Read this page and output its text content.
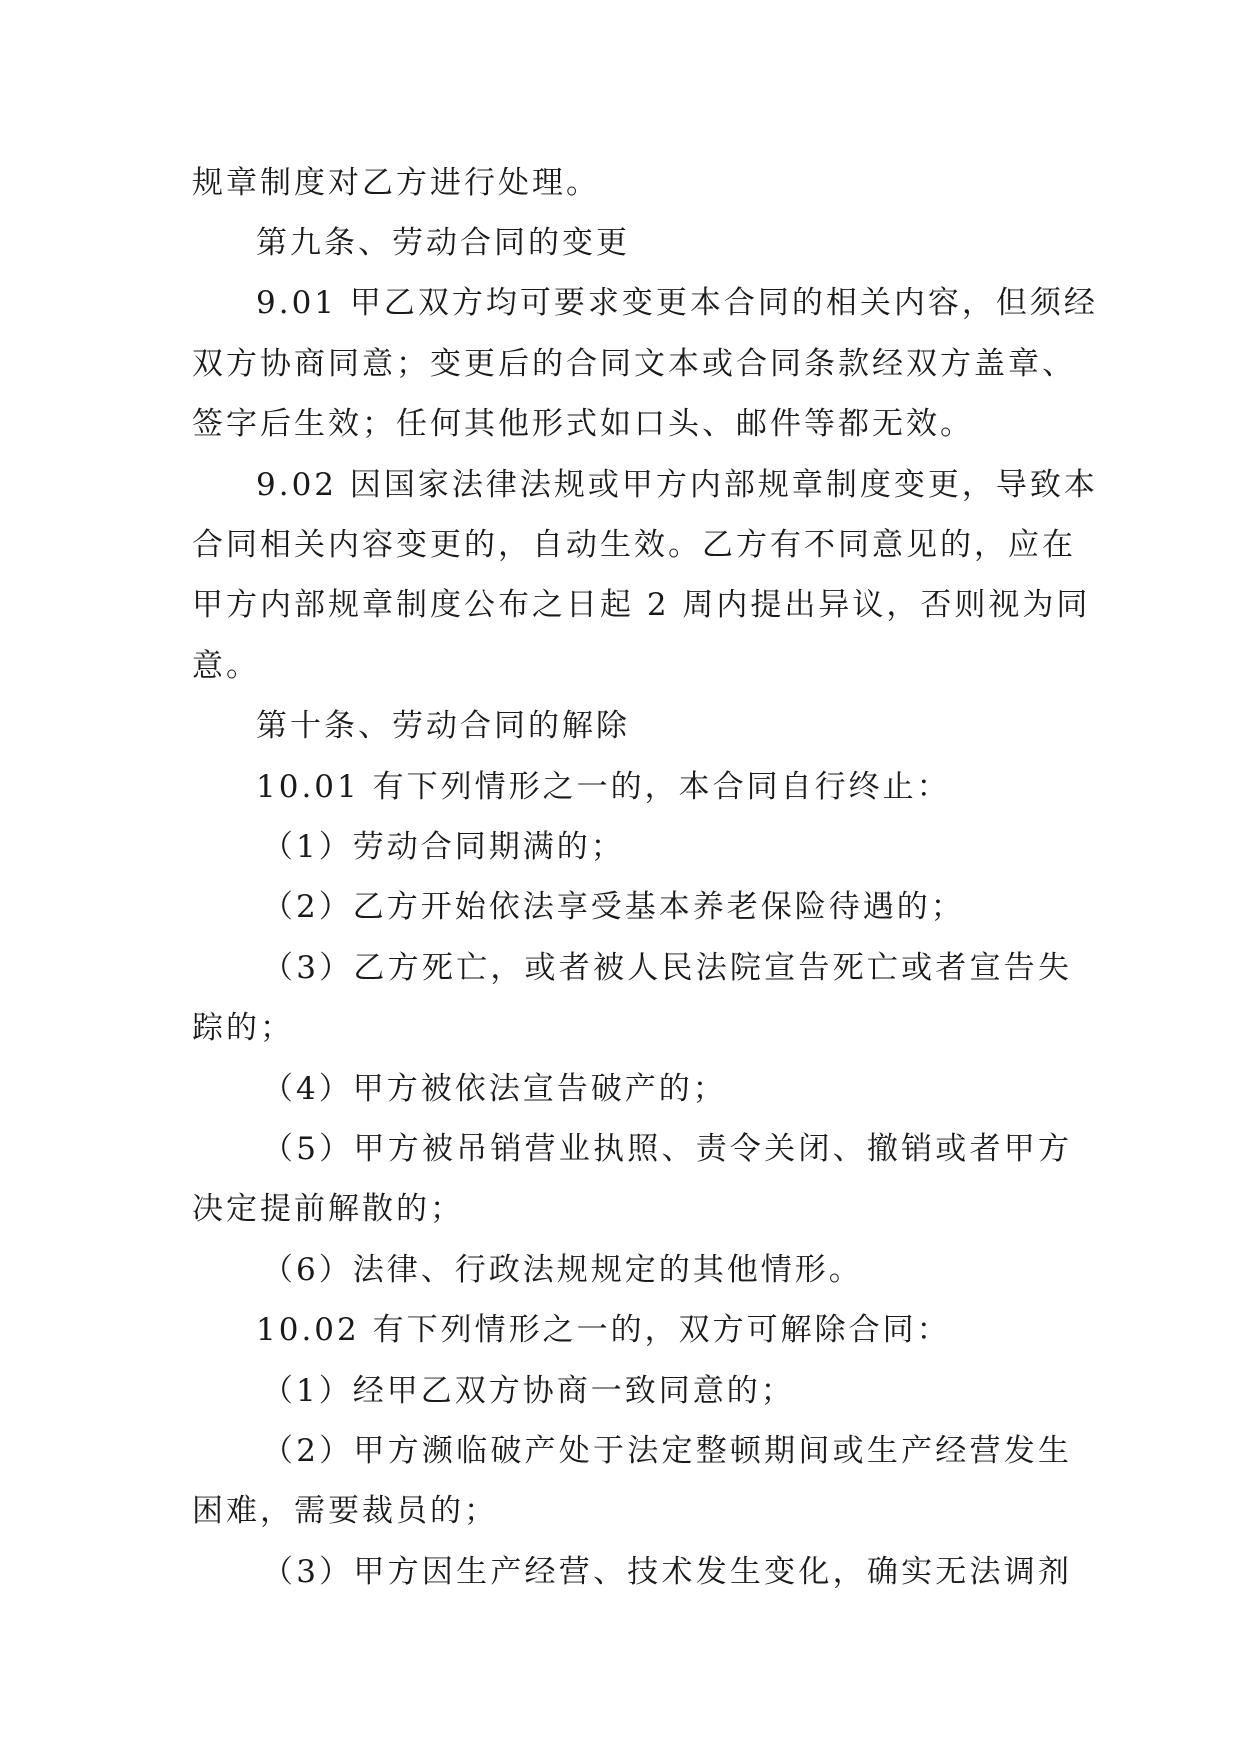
规章制度对乙方进行处理。

第九条、劳动合同的变更

9.01 甲乙双方均可要求变更本合同的相关内容，但须经

双方协商同意；变更后的合同文本或合同条款经双方盖章、

签字后生效；任何其他形式如口头、邮件等都无效。

9.02 因国家法律法规或甲方内部规章制度变更，导致本

合同相关内容变更的，自动生效。乙方有不同意见的，应在

甲方内部规章制度公布之日起 2 周内提出异议，否则视为同

意。

第十条、劳动合同的解除

10.01 有下列情形之一的，本合同自行终止：

（1）劳动合同期满的；

（2）乙方开始依法享受基本养老保险待遇的；

（3）乙方死亡，或者被人民法院宣告死亡或者宣告失

踪的；

（4）甲方被依法宣告破产的；

（5）甲方被吊销营业执照、责令关闭、撤销或者甲方

决定提前解散的；

（6）法律、行政法规规定的其他情形。

10.02 有下列情形之一的，双方可解除合同：

（1）经甲乙双方协商一致同意的；

（2）甲方濒临破产处于法定整顿期间或生产经营发生

困难，需要裁员的；

（3）甲方因生产经营、技术发生变化，确实无法调剂
